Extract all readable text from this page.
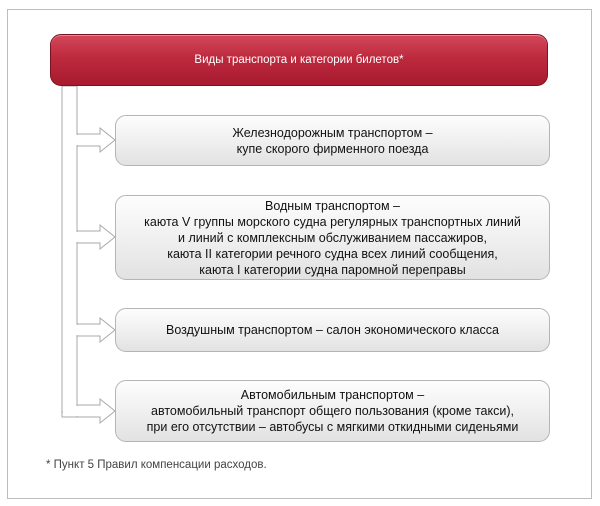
Виды транспорта и категории билетов*
Железнодорожным транспортом –
купе скорого фирменного поезда
Водным транспортом –
каюта V группы морского судна регулярных транспортных линий
и линий с комплексным обслуживанием пассажиров,
каюта II категории речного судна всех линий сообщения,
каюта I категории судна паромной переправы
Воздушным транспортом – салон экономического класса
Автомобильным транспортом –
автомобильный транспорт общего пользования (кроме такси),
при его отсутствии – автобусы с мягкими откидными сиденьями
* Пункт 5 Правил компенсации расходов.
